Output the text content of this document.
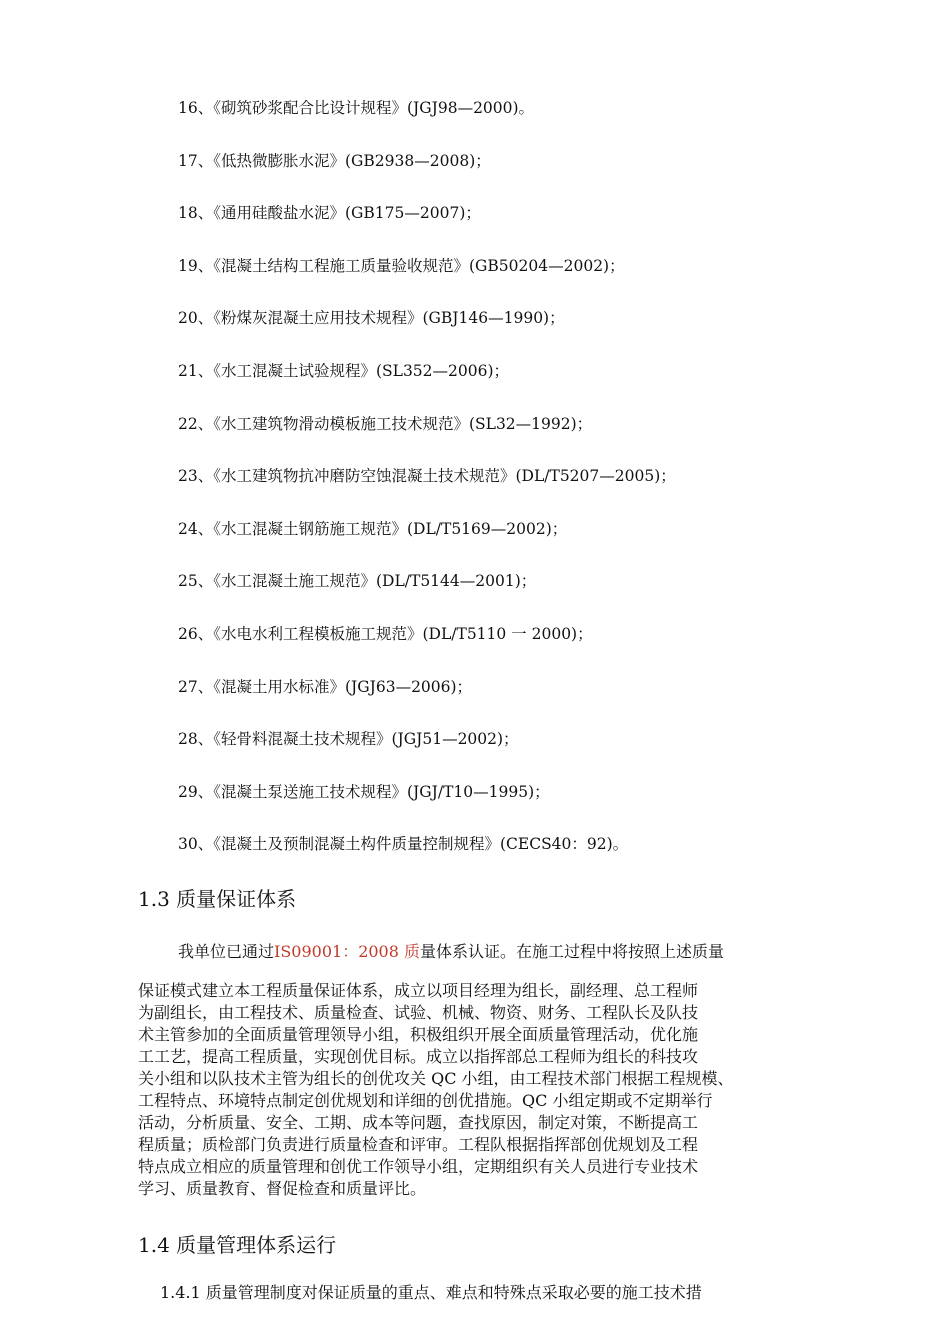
16、《砌筑砂浆配合比设计规程》(JGJ98—2000)。
17、《低热微膨胀水泥》(GB2938—2008)；
18、《通用硅酸盐水泥》(GB175—2007)；
19、《混凝土结构工程施工质量验收规范》(GB50204—2002)；
20、《粉煤灰混凝土应用技术规程》(GBJ146—1990)；
21、《水工混凝土试验规程》(SL352—2006)；
22、《水工建筑物滑动模板施工技术规范》(SL32—1992)；
23、《水工建筑物抗冲磨防空蚀混凝土技术规范》(DL/T5207—2005)；
24、《水工混凝土钢筋施工规范》(DL/T5169—2002)；
25、《水工混凝土施工规范》(DL/T5144—2001)；
26、《水电水利工程模板施工规范》(DL/T5110 一 2000)；
27、《混凝土用水标准》(JGJ63—2006)；
28、《轻骨料混凝土技术规程》(JGJ51—2002)；
29、《混凝土泵送施工技术规程》(JGJ/T10—1995)；
30、《混凝土及预制混凝土构件质量控制规程》(CECS40：92)。
1.3 质量保证体系
我单位已通过IS09001：2008 质量体系认证。在施工过程中将按照上述质量
保证模式建立本工程质量保证体系，成立以项目经理为组长，副经理、总工程师
为副组长，由工程技术、质量检查、试验、机械、物资、财务、工程队长及队技
术主管参加的全面质量管理领导小组，积极组织开展全面质量管理活动，优化施
工工艺，提高工程质量，实现创优目标。成立以指挥部总工程师为组长的科技攻
关小组和以队技术主管为组长的创优攻关 QC 小组，由工程技术部门根据工程规模、
工程特点、环境特点制定创优规划和详细的创优措施。QC 小组定期或不定期举行
活动，分析质量、安全、工期、成本等问题，查找原因，制定对策，不断提高工
程质量；质检部门负责进行质量检查和评审。工程队根据指挥部创优规划及工程
特点成立相应的质量管理和创优工作领导小组，定期组织有关人员进行专业技术
学习、质量教育、督促检查和质量评比。
1.4 质量管理体系运行
1.4.1 质量管理制度对保证质量的重点、难点和特殊点采取必要的施工技术措
